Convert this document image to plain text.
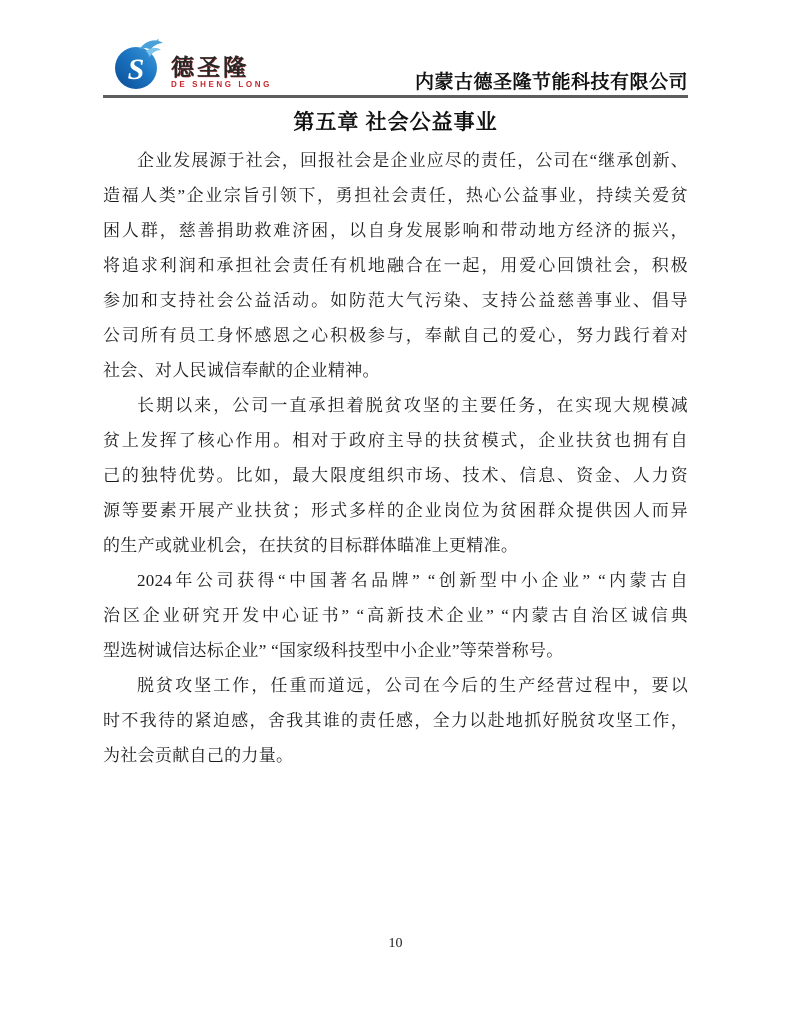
S 德圣隆
DE SHENG LONG	内蒙古德圣隆节能科技有限公司
第五章 社会公益事业
企业发展源于社会，回报社会是企业应尽的责任，公司在“继承创新、
造福人类”企业宗旨引领下，勇担社会责任，热心公益事业，持续关爱贫
困人群，慈善捐助救难济困，以自身发展影响和带动地方经济的振兴，
将追求利润和承担社会责任有机地融合在一起，用爱心回馈社会，积极
参加和支持社会公益活动。如防范大气污染、支持公益慈善事业、倡导
公司所有员工身怀感恩之心积极参与，奉献自己的爱心，努力践行着对
社会、对人民诚信奉献的企业精神。
长期以来，公司一直承担着脱贫攻坚的主要任务，在实现大规模减
贫上发挥了核心作用。相对于政府主导的扶贫模式，企业扶贫也拥有自
己的独特优势。比如，最大限度组织市场、技术、信息、资金、人力资
源等要素开展产业扶贫；形式多样的企业岗位为贫困群众提供因人而异
的生产或就业机会，在扶贫的目标群体瞄准上更精准。
2024年公司获得“中国著名品牌” “创新型中小企业” “内蒙古自
治区企业研究开发中心证书” “高新技术企业” “内蒙古自治区诚信典
型选树诚信达标企业” “国家级科技型中小企业”等荣誉称号。
脱贫攻坚工作，任重而道远，公司在今后的生产经营过程中，要以
时不我待的紧迫感，舍我其谁的责任感，全力以赴地抓好脱贫攻坚工作，
为社会贡献自己的力量。
10
